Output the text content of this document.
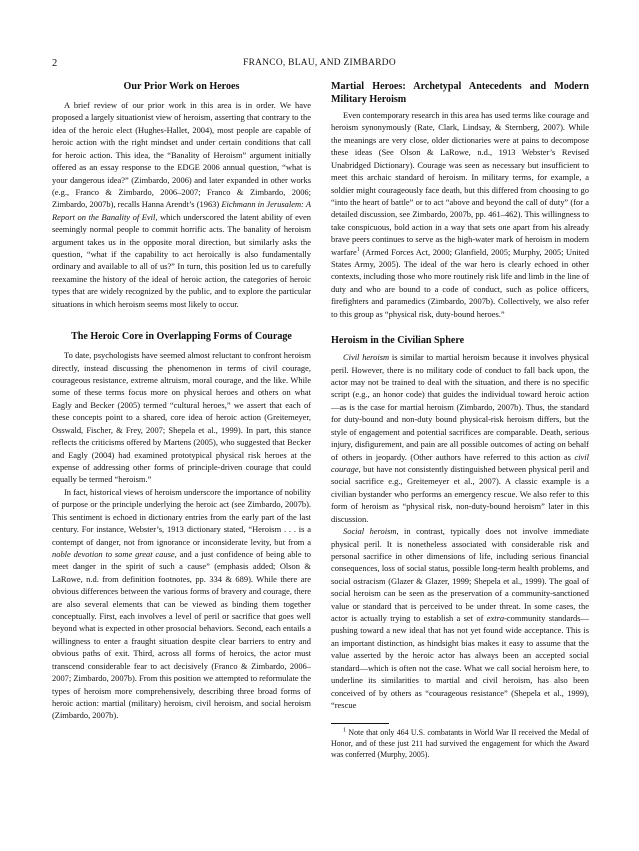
2	FRANCO, BLAU, AND ZIMBARDO
Our Prior Work on Heroes

A brief review of our prior work in this area is in order. We have proposed a largely situationist view of heroism, asserting that contrary to the idea of the heroic elect (Hughes-Hallet, 2004), most people are capable of heroic action with the right mindset and under certain conditions that call for heroic action. This idea, the “Banality of Heroism” argument initially offered as an essay response to the EDGE 2006 annual question, “what is your dangerous idea?” (Zimbardo, 2006) and later expanded in other works (e.g., Franco & Zimbardo, 2006–2007; Franco & Zimbardo, 2006; Zimbardo, 2007b), recalls Hanna Arendt’s (1963) Eichmann in Jerusalem: A Report on the Banality of Evil, which underscored the latent ability of even seemingly normal people to commit horrific acts. The banality of heroism argument takes us in the opposite moral direction, but similarly asks the question, “what if the capability to act heroically is also fundamentally ordinary and available to all of us?” In turn, this position led us to carefully reexamine the history of the ideal of heroic action, the categories of heroic types that are widely recognized by the public, and to explore the particular situations in which heroism seems most likely to occur.

The Heroic Core in Overlapping Forms of Courage

To date, psychologists have seemed almost reluctant to confront heroism directly, instead discussing the phenomenon in terms of civil courage, courageous resistance, extreme altruism, moral courage, and the like. While some of these terms focus more on physical heroes and others on what Eagly and Becker (2005) termed “cultural heroes,” we assert that each of these concepts point to a shared, core idea of heroic action (Greitemeyer, Osswald, Fischer, & Frey, 2007; Shepela et al., 1999). In part, this stance reflects the criticisms offered by Martens (2005), who suggested that Becker and Eagly (2004) had examined prototypical physical risk heroes at the expense of addressing other forms of principle-driven courage that could equally be termed “heroism.”

In fact, historical views of heroism underscore the importance of nobility of purpose or the principle underlying the heroic act (see Zimbardo, 2007b). This sentiment is echoed in dictionary entries from the early part of the last century. For instance, Webster’s, 1913 dictionary stated, “Heroism . . . is a contempt of danger, not from ignorance or inconsiderate levity, but from a noble devotion to some great cause, and a just confidence of being able to meet danger in the spirit of such a cause” (emphasis added; Olson & LaRowe, n.d. from definition footnotes, pp. 334 & 689). While there are obvious differences between the various forms of bravery and courage, there are also several elements that can be viewed as binding them together conceptually. First, each involves a level of peril or sacrifice that goes well beyond what is expected in other prosocial behaviors. Second, each entails a willingness to enter a fraught situation despite clear barriers to entry and obvious paths of exit. Third, across all forms of heroics, the actor must transcend considerable fear to act decisively (Franco & Zimbardo, 2006–2007; Zimbardo, 2007b). From this position we attempted to reformulate the types of heroism more comprehensively, describing three broad forms of heroic action: martial (military) heroism, civil heroism, and social heroism (Zimbardo, 2007b).

Martial Heroes: Archetypal Antecedents and Modern Military Heroism

Even contemporary research in this area has used terms like courage and heroism synonymously (Rate, Clark, Lindsay, & Sternberg, 2007). While the meanings are very close, older dictionaries were at pains to decompose these ideas (See Olson & LaRowe, n.d., 1913 Webster’s Revised Unabridged Dictionary). Courage was seen as necessary but insufficient to meet this archaic standard of heroism. In military terms, for example, a soldier might courageously face death, but this differed from choosing to go “into the heart of battle” or to act “above and beyond the call of duty” (for a detailed discussion, see Zimbardo, 2007b, pp. 461–462). This willingness to take conspicuous, bold action in a way that sets one apart from his already brave peers continues to serve as the high-water mark of heroism in modern warfare$^1$ (Armed Forces Act, 2000; Glanfield, 2005; Murphy, 2005; United States Army, 2005). The ideal of the war hero is clearly echoed in other contexts, including those who more routinely risk life and limb in the line of duty and who are bound to a code of conduct, such as police officers, firefighters and paramedics (Zimbardo, 2007b). Collectively, we also refer to this group as “physical risk, duty-bound heroes.”

Heroism in the Civilian Sphere

Civil heroism is similar to martial heroism because it involves physical peril. However, there is no military code of conduct to fall back upon, the actor may not be trained to deal with the situation, and there is no specific script (e.g., an honor code) that guides the individual toward heroic action—as is the case for martial heroism (Zimbardo, 2007b). Thus, the standard for duty-bound and non-duty bound physical-risk heroism differs, but the style of engagement and potential sacrifices are comparable. Death, serious injury, disfigurement, and pain are all possible outcomes of acting on behalf of others in jeopardy. (Other authors have referred to this action as civil courage, but have not consistently distinguished between physical peril and social sacrifice e.g., Greitemeyer et al., 2007). A classic example is a civilian bystander who performs an emergency rescue. We also refer to this form of heroism as “physical risk, non-duty-bound heroism” later in this discussion.

Social heroism, in contrast, typically does not involve immediate physical peril. It is nonetheless associated with considerable risk and personal sacrifice in other dimensions of life, including serious financial consequences, loss of social status, possible long-term health problems, and social ostracism (Glazer & Glazer, 1999; Shepela et al., 1999). The goal of social heroism can be seen as the preservation of a community-sanctioned value or standard that is perceived to be under threat. In some cases, the actor is actually trying to establish a set of extra-community standards—pushing toward a new ideal that has not yet found wide acceptance. This is an important distinction, as hindsight bias makes it easy to assume that the value asserted by the heroic actor has always been an accepted social standard—which is often not the case. What we call social heroism here, to underline its similarities to martial and civil heroism, has also been conceived of by others as “courageous resistance” (Shepela et al., 1999), “rescue

$^1$ Note that only 464 U.S. combatants in World War II received the Medal of Honor, and of these just 211 had survived the engagement for which the Award was conferred (Murphy, 2005).
